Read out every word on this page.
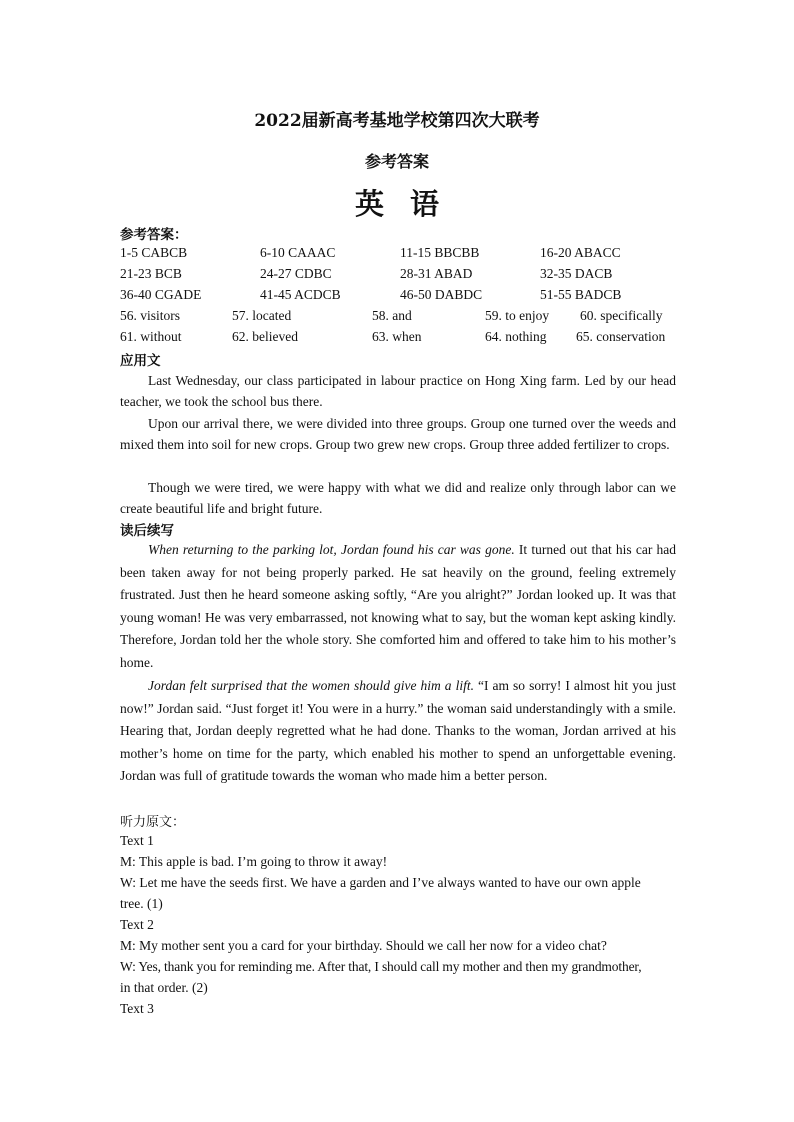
2022届新高考基地学校第四次大联考
参考答案
英语
参考答案：
1-5 CABCB	6-10 CAAAC	11-15 BBCBB	16-20 ABACC
21-23 BCB	24-27 CDBC	28-31 ABAD	32-35 DACB
36-40 CGADE	41-45 ACDCB	46-50 DABDC	51-55 BADCB
56. visitors	57. located	58. and	59. to enjoy 60. specifically
61. without	62. believed	63. when	64. nothing 65. conservation
应用文

Last Wednesday, our class participated in labour practice on Hong Xing farm. Led by our head teacher, we took the school bus there.

Upon our arrival there, we were divided into three groups. Group one turned over the weeds and mixed them into soil for new crops. Group two grew new crops. Group three added fertilizer to crops.

Though we were tired, we were happy with what we did and realize only through labor can we create beautiful life and bright future.

读后续写

When returning to the parking lot, Jordan found his car was gone. It turned out that his car had been taken away for not being properly parked. He sat heavily on the ground, feeling extremely frustrated. Just then he heard someone asking softly, “Are you alright?” Jordan looked up. It was that young woman! He was very embarrassed, not knowing what to say, but the woman kept asking kindly. Therefore, Jordan told her the whole story. She comforted him and offered to take him to his mother’s home.

Jordan felt surprised that the women should give him a lift. “I am so sorry! I almost hit you just now!” Jordan said. “Just forget it! You were in a hurry.” the woman said understandingly with a smile. Hearing that, Jordan deeply regretted what he had done. Thanks to the woman, Jordan arrived at his mother’s home on time for the party, which enabled his mother to spend an unforgettable evening. Jordan was full of gratitude towards the woman who made him a better person.

听力原文：
Text 1
M: This apple is bad. I’m going to throw it away!
W: Let me have the seeds first. We have a garden and I’ve always wanted to have our own apple
tree. (1)
Text 2
M: My mother sent you a card for your birthday. Should we call her now for a video chat?
W: Yes, thank you for reminding me. After that, I should call my mother and then my grandmother,
in that order. (2)
Text 3
